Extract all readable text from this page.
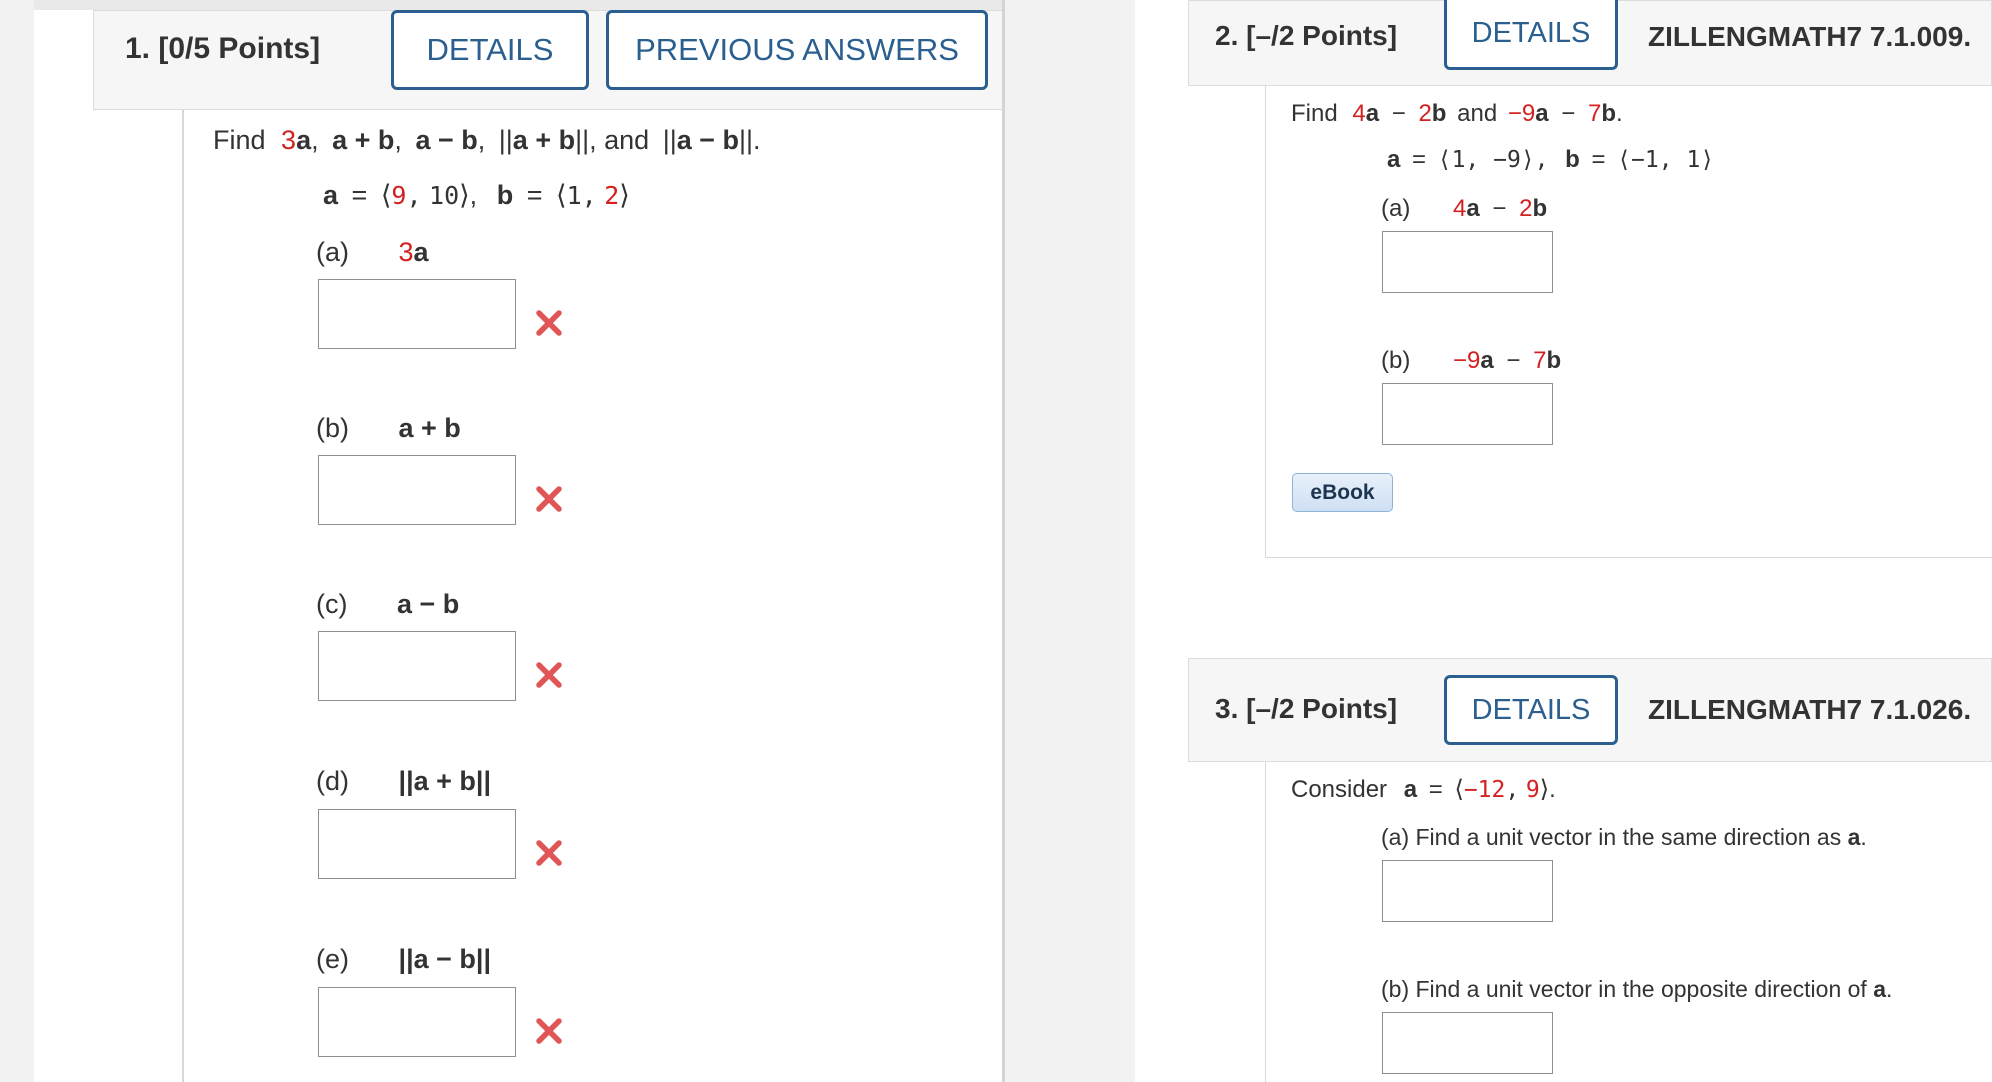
1. [0/5 Points]	DETAILS	PREVIOUS ANSWERS
Find 3a, a + b, a − b, ||a + b||, and ||a − b||.
a = ⟨9, 10⟩, b = ⟨1, 2⟩
(a) 3a
(b) a + b
(c) a − b
(d) ||a + b||
(e) ||a − b||
2. [–/2 Points]	DETAILS	ZILLENGMATH7 7.1.009.
Find 4a − 2b and −9a − 7b.
a = ⟨1, −9⟩, b = ⟨−1, 1⟩
(a) 4a − 2b
(b) −9a − 7b
eBook
3. [–/2 Points]	DETAILS	ZILLENGMATH7 7.1.026.
Consider a = ⟨−12, 9⟩.
(a) Find a unit vector in the same direction as a.
(b) Find a unit vector in the opposite direction of a.
